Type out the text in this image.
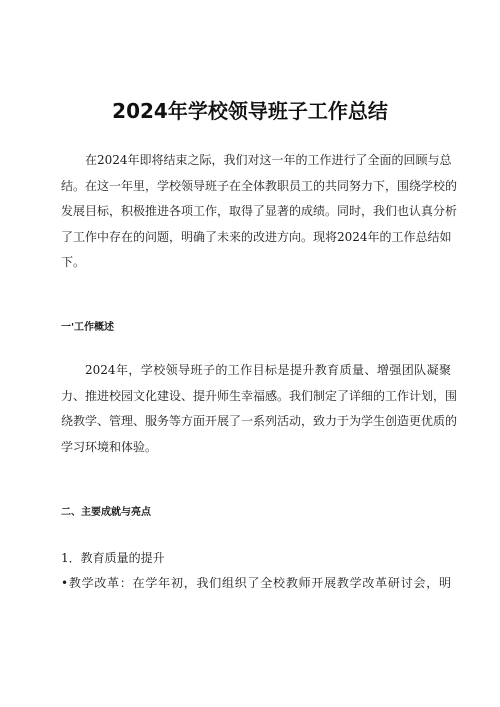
2024年学校领导班子工作总结
在2024年即将结束之际，我们对这一年的工作进行了全面的回顾与总
结。在这一年里，学校领导班子在全体教职员工的共同努力下，围绕学校的
发展目标，积极推进各项工作，取得了显著的成绩。同时，我们也认真分析
了工作中存在的问题，明确了未来的改进方向。现将2024年的工作总结如
下。
一'工作概述
2024年，学校领导班子的工作目标是提升教育质量、增强团队凝聚
力、推进校园文化建设、提升师生幸福感。我们制定了详细的工作计划，围
绕教学、管理、服务等方面开展了一系列活动，致力于为学生创造更优质的
学习环境和体验。
二、主要成就与亮点
1．教育质量的提升
•教学改革：在学年初，我们组织了全校教师开展教学改革研讨会，明
